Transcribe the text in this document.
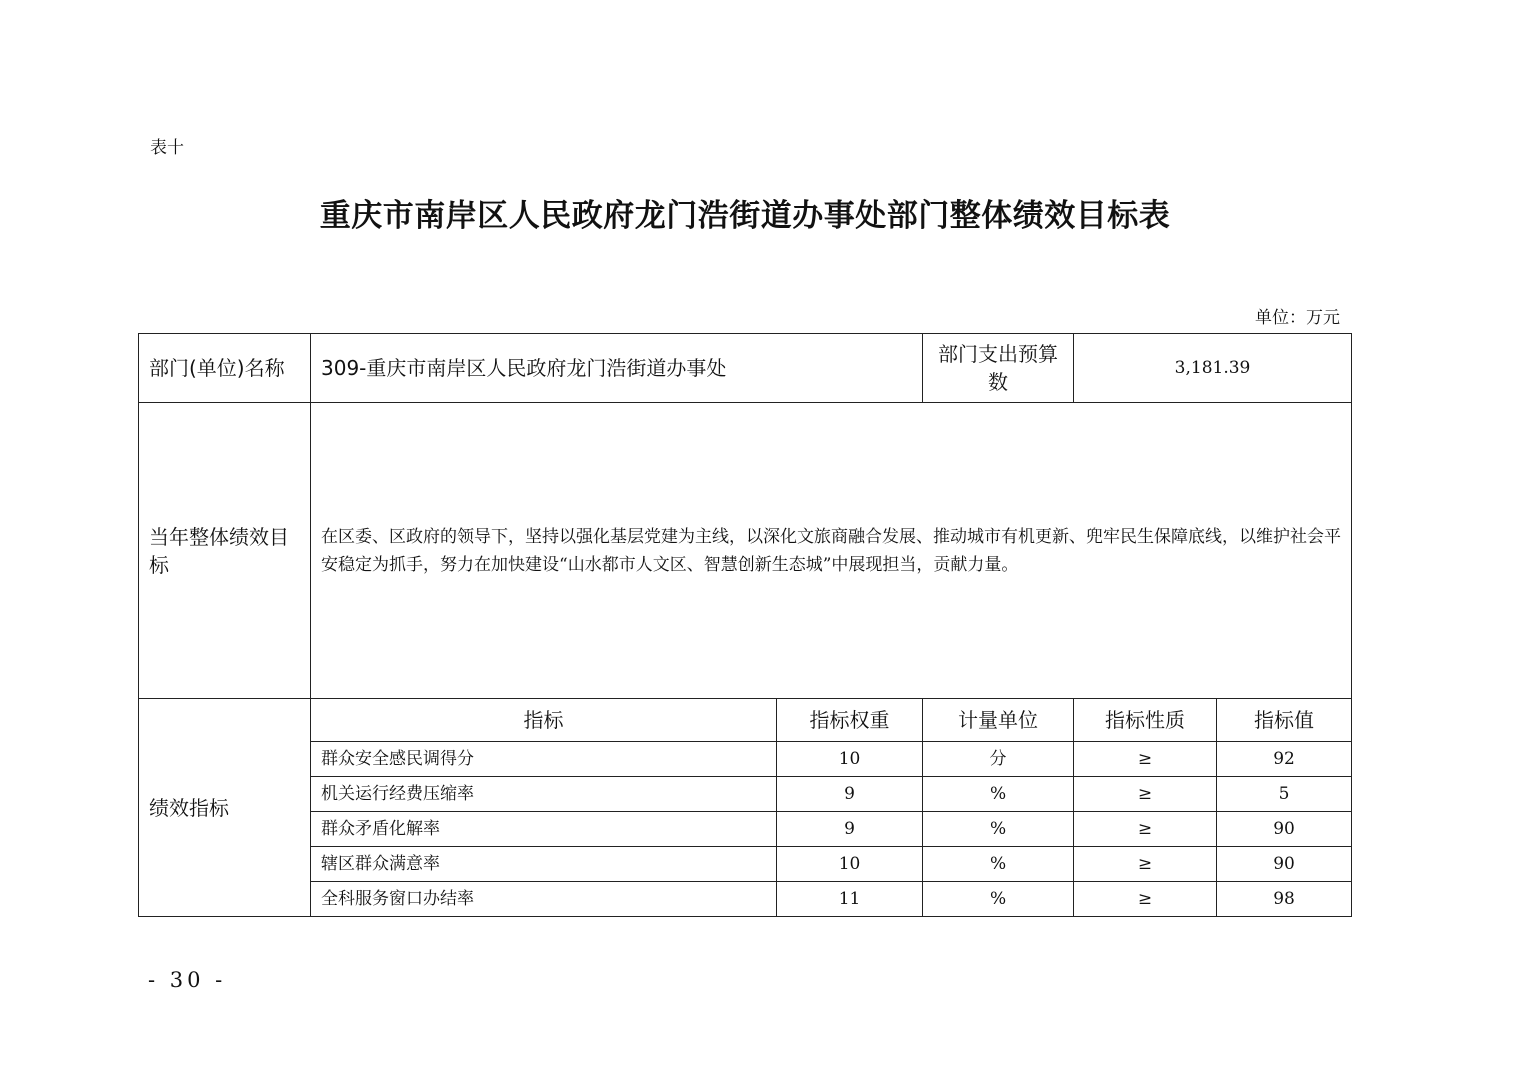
表十
重庆市南岸区人民政府龙门浩街道办事处部门整体绩效目标表
单位：万元
部门(单位)名称	309-重庆市南岸区人民政府龙门浩街道办事处		部门支出预算数	3,181.39	
当年整体绩效目标	在区委、区政府的领导下，坚持以强化基层党建为主线，以深化文旅商融合发展、推动城市有机更新、兜牢民生保障底线，以维护社会平安稳定为抓手，努力在加快建设“山水都市人文区、智慧创新生态城”中展现担当，贡献力量。				
绩效指标	指标	指标权重	计量单位	指标性质	指标值
	群众安全感民调得分	10	分	≥	92
	机关运行经费压缩率	9	%	≥	5
	群众矛盾化解率	9	%	≥	90
	辖区群众满意率	10	%	≥	90
	全科服务窗口办结率	11	%	≥	98
- 30 -
